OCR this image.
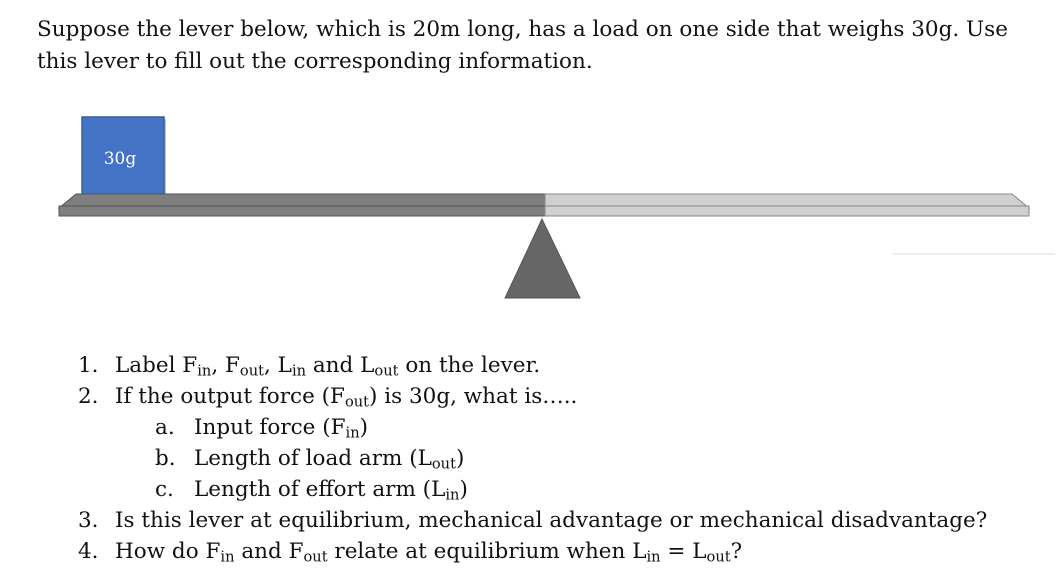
Suppose the lever below, which is 20m long, has a load on one side that weighs 30g. Use this lever to fill out the corresponding information.

30g
1. Label $F_{in}$, $F_{out}$, $L_{in}$ and $L_{out}$ on the lever.
2. If the output force $(F_{out})$ is 30g, what is…..
a. Input force $(F_{in})$
b. Length of load arm $(L_{out})$
c. Length of effort arm $(L_{in})$
3. Is this lever at equilibrium, mechanical advantage or mechanical disadvantage?
4. How do $F_{in}$ and $F_{out}$ relate at equilibrium when $L_{in} = L_{out}$?
